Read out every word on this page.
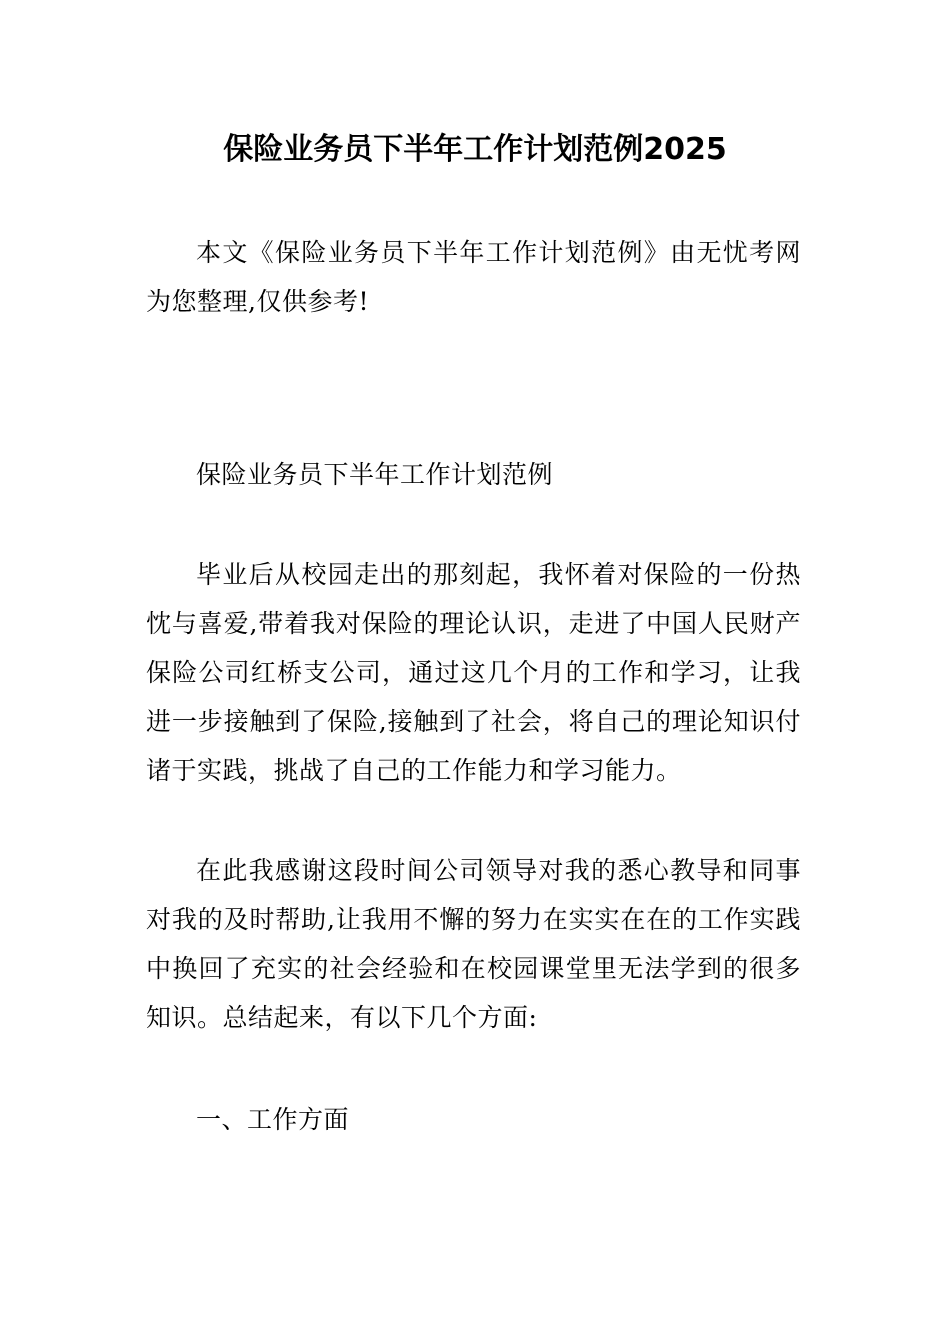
保险业务员下半年工作计划范例2025

本文《保险业务员下半年工作计划范例》由无忧考网为您整理,仅供参考!

保险业务员下半年工作计划范例

毕业后从校园走出的那刻起，我怀着对保险的一份热忱与喜爱,带着我对保险的理论认识，走进了中国人民财产保险公司红桥支公司，通过这几个月的工作和学习，让我进一步接触到了保险,接触到了社会，将自己的理论知识付诸于实践，挑战了自己的工作能力和学习能力。

在此我感谢这段时间公司领导对我的悉心教导和同事对我的及时帮助,让我用不懈的努力在实实在在的工作实践中换回了充实的社会经验和在校园课堂里无法学到的很多知识。总结起来，有以下几个方面:

一、工作方面
